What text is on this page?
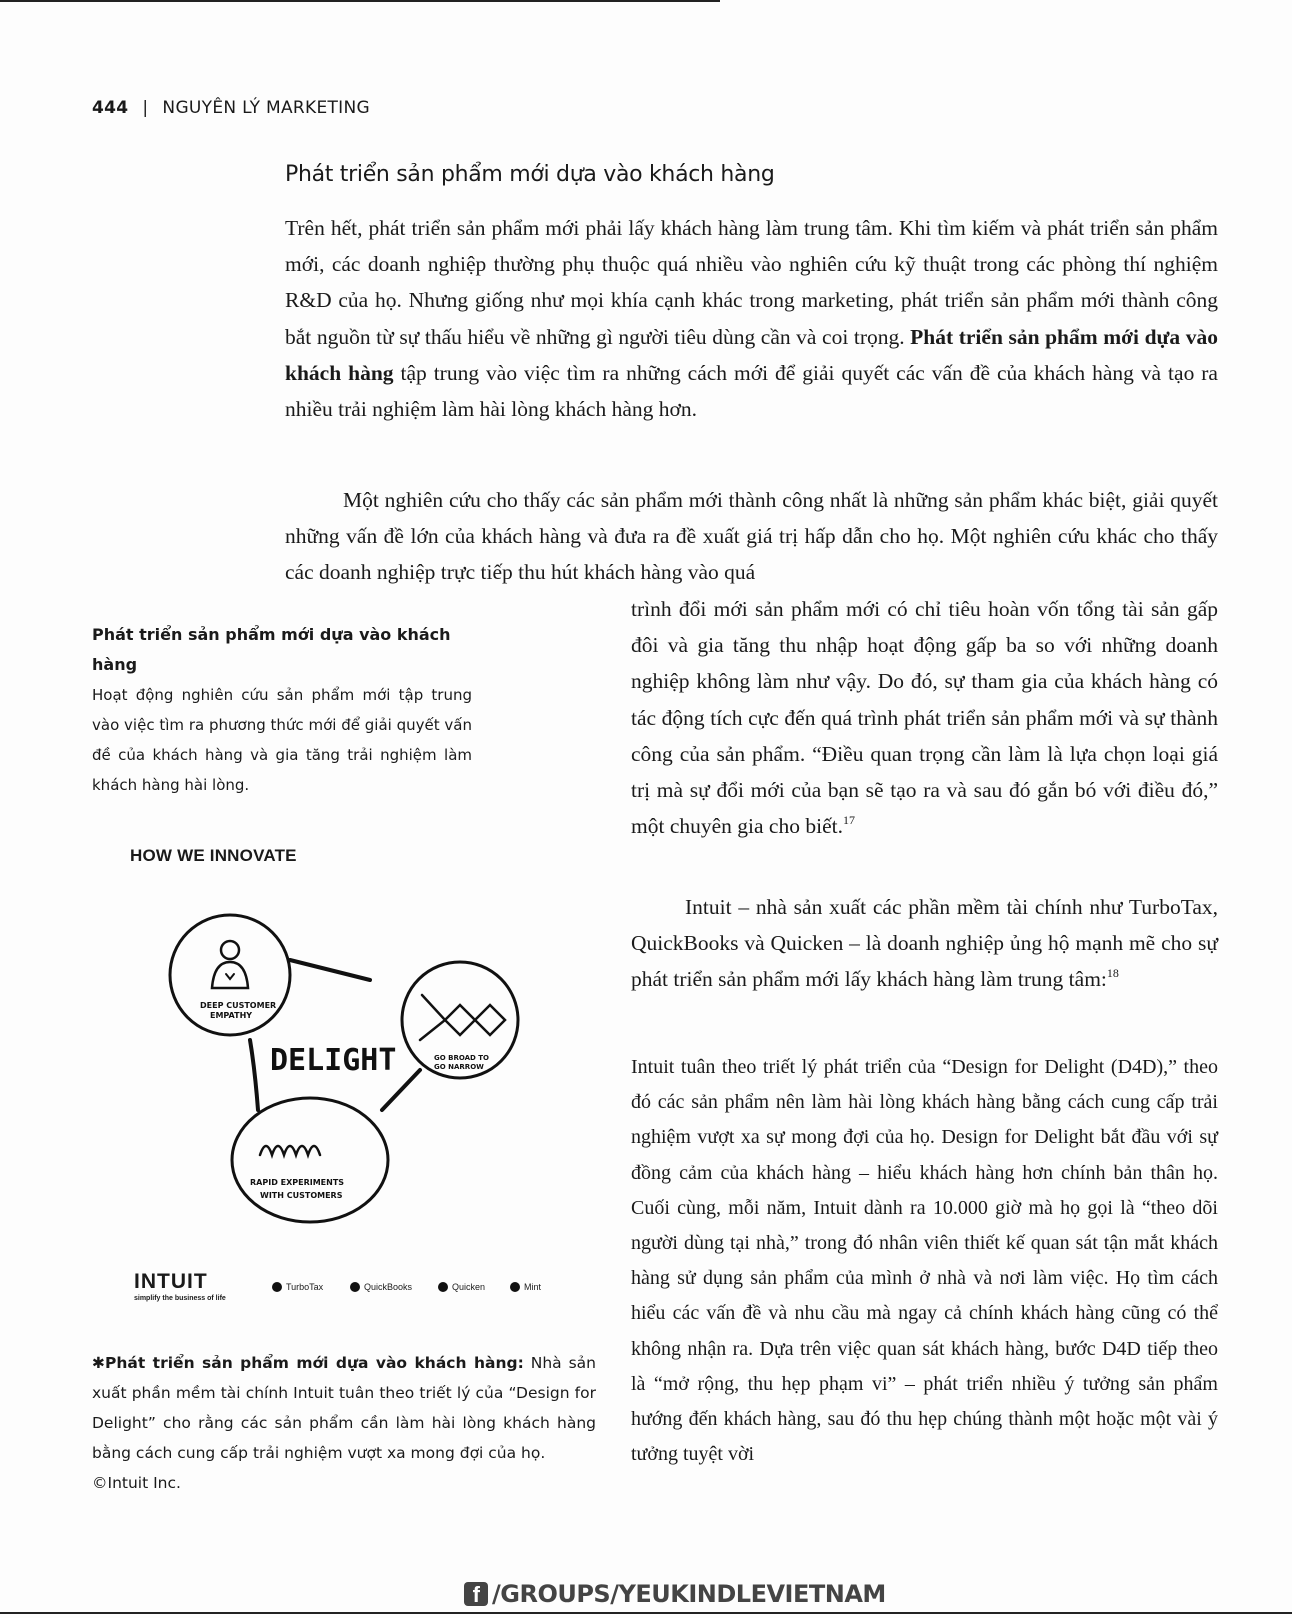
444 | NGUYÊN LÝ MARKETING
Phát triển sản phẩm mới dựa vào khách hàng

Trên hết, phát triển sản phẩm mới phải lấy khách hàng làm trung tâm. Khi tìm kiếm và phát triển sản phẩm mới, các doanh nghiệp thường phụ thuộc quá nhiều vào nghiên cứu kỹ thuật trong các phòng thí nghiệm R&D của họ. Nhưng giống như mọi khía cạnh khác trong marketing, phát triển sản phẩm mới thành công bắt nguồn từ sự thấu hiểu về những gì người tiêu dùng cần và coi trọng. Phát triển sản phẩm mới dựa vào khách hàng tập trung vào việc tìm ra những cách mới để giải quyết các vấn đề của khách hàng và tạo ra nhiều trải nghiệm làm hài lòng khách hàng hơn.

Một nghiên cứu cho thấy các sản phẩm mới thành công nhất là những sản phẩm khác biệt, giải quyết những vấn đề lớn của khách hàng và đưa ra đề xuất giá trị hấp dẫn cho họ. Một nghiên cứu khác cho thấy các doanh nghiệp trực tiếp thu hút khách hàng vào quá

trình đổi mới sản phẩm mới có chỉ tiêu hoàn vốn tổng tài sản gấp đôi và gia tăng thu nhập hoạt động gấp ba so với những doanh nghiệp không làm như vậy. Do đó, sự tham gia của khách hàng có tác động tích cực đến quá trình phát triển sản phẩm mới và sự thành công của sản phẩm. “Điều quan trọng cần làm là lựa chọn loại giá trị mà sự đổi mới của bạn sẽ tạo ra và sau đó gắn bó với điều đó,” một chuyên gia cho biết.$^{17}$

Intuit – nhà sản xuất các phần mềm tài chính như TurboTax, QuickBooks và Quicken – là doanh nghiệp ủng hộ mạnh mẽ cho sự phát triển sản phẩm mới lấy khách hàng làm trung tâm:$^{18}$

Intuit tuân theo triết lý phát triển của “Design for Delight (D4D),” theo đó các sản phẩm nên làm hài lòng khách hàng bằng cách cung cấp trải nghiệm vượt xa sự mong đợi của họ. Design for Delight bắt đầu với sự đồng cảm của khách hàng – hiểu khách hàng hơn chính bản thân họ. Cuối cùng, mỗi năm, Intuit dành ra 10.000 giờ mà họ gọi là “theo dõi người dùng tại nhà,” trong đó nhân viên thiết kế quan sát tận mắt khách hàng sử dụng sản phẩm của mình ở nhà và nơi làm việc. Họ tìm cách hiểu các vấn đề và nhu cầu mà ngay cả chính khách hàng cũng có thể không nhận ra. Dựa trên việc quan sát khách hàng, bước D4D tiếp theo là “mở rộng, thu hẹp phạm vi” – phát triển nhiều ý tưởng sản phẩm hướng đến khách hàng, sau đó thu hẹp chúng thành một hoặc một vài ý tưởng tuyệt vời

Phát triển sản phẩm mới dựa vào khách hàng
Hoạt động nghiên cứu sản phẩm mới tập trung vào việc tìm ra phương thức mới để giải quyết vấn đề của khách hàng và gia tăng trải nghiệm làm khách hàng hài lòng.
HOW WE INNOVATE
DEEP CUSTOMER
EMPATHY
GO BROAD TO
GO NARROW
RAPID EXPERIMENTS
WITH CUSTOMERS
DELIGHT
INTUIT
simplify the business of life
TurboTax	QuickBooks	Quicken	Mint
✱Phát triển sản phẩm mới dựa vào khách hàng: Nhà sản xuất phần mềm tài chính Intuit tuân theo triết lý của “Design for Delight” cho rằng các sản phẩm cần làm hài lòng khách hàng bằng cách cung cấp trải nghiệm vượt xa mong đợi của họ.
©Intuit Inc.
f /GROUPS/YEUKINDLEVIETNAM
